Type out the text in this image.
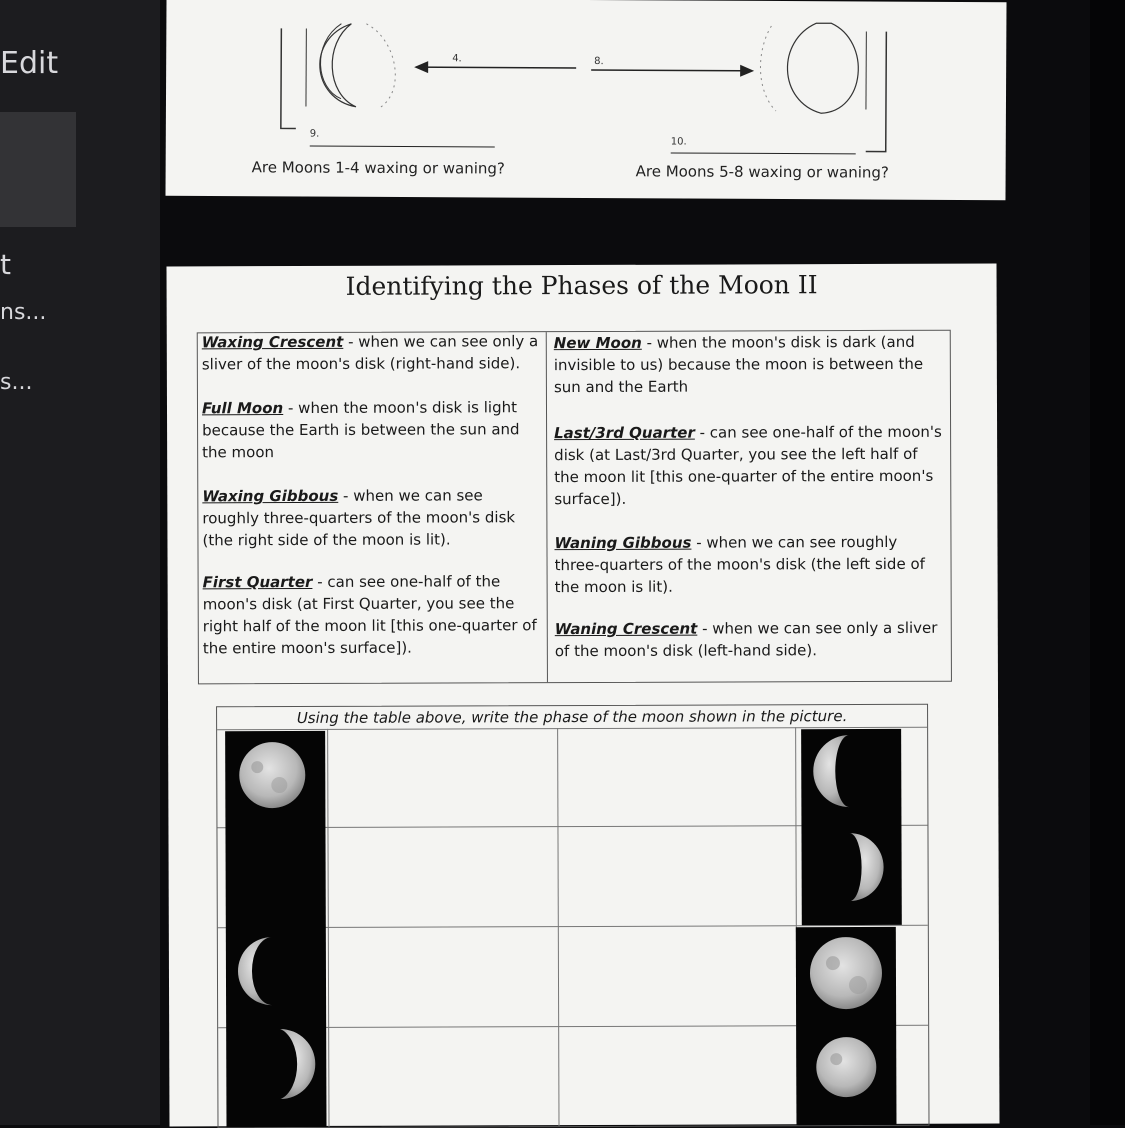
Edit
t
ns...
s...
4.	8.
9.
10.
Are Moons 1-4 waxing or waning?	Are Moons 5-8 waxing or waning?
Identifying the Phases of the Moon II
Waxing Crescent - when we can see only a sliver of the moon's disk (right-hand side).
Full Moon - when the moon's disk is light because the Earth is between the sun and the moon
Waxing Gibbous - when we can see roughly three-quarters of the moon's disk (the right side of the moon is lit).
First Quarter - can see one-half of the moon's disk (at First Quarter, you see the right half of the moon lit [this one-quarter of the entire moon's surface]).
New Moon - when the moon's disk is dark (and invisible to us) because the moon is between the sun and the Earth
Last/3rd Quarter - can see one-half of the moon's disk (at Last/3rd Quarter, you see the left half of the moon lit [this one-quarter of the entire moon's surface]).
Waning Gibbous - when we can see roughly three-quarters of the moon's disk (the left side of the moon is lit).
Waning Crescent - when we can see only a sliver of the moon's disk (left-hand side).
Using the table above, write the phase of the moon shown in the picture.
